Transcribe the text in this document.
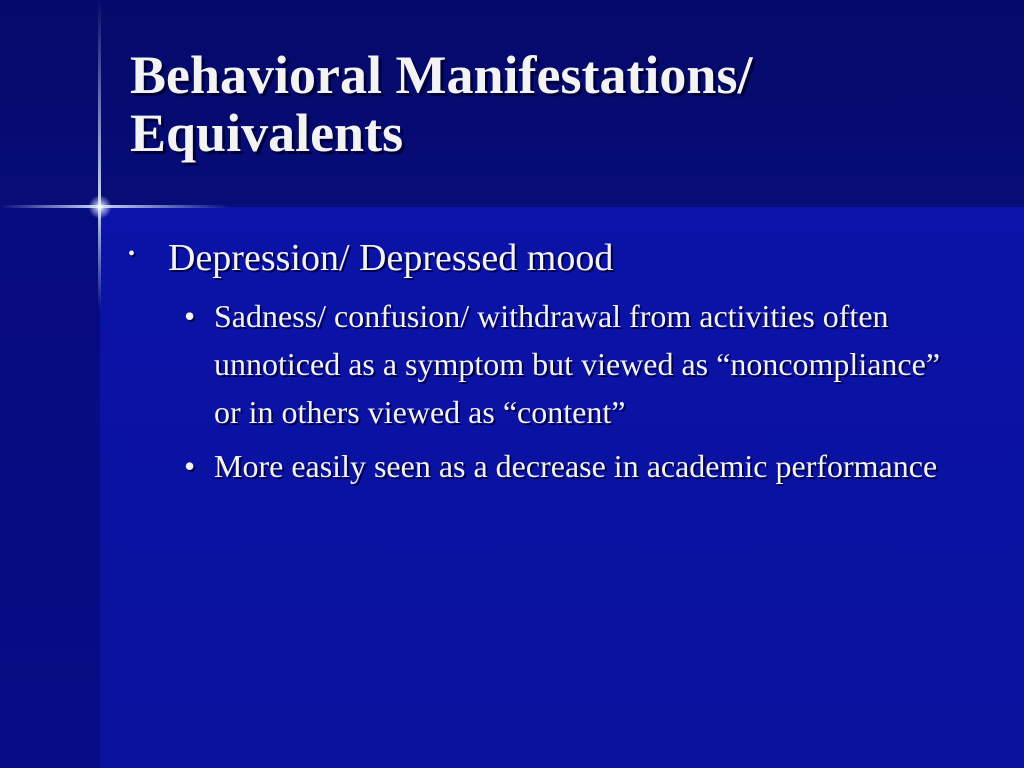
Behavioral Manifestations/ Equivalents
• Depression/ Depressed mood
• Sadness/ confusion/ withdrawal from activities often unnoticed as a symptom but viewed as “noncompliance” or in others viewed as “content”
• More easily seen as a decrease in academic performance
